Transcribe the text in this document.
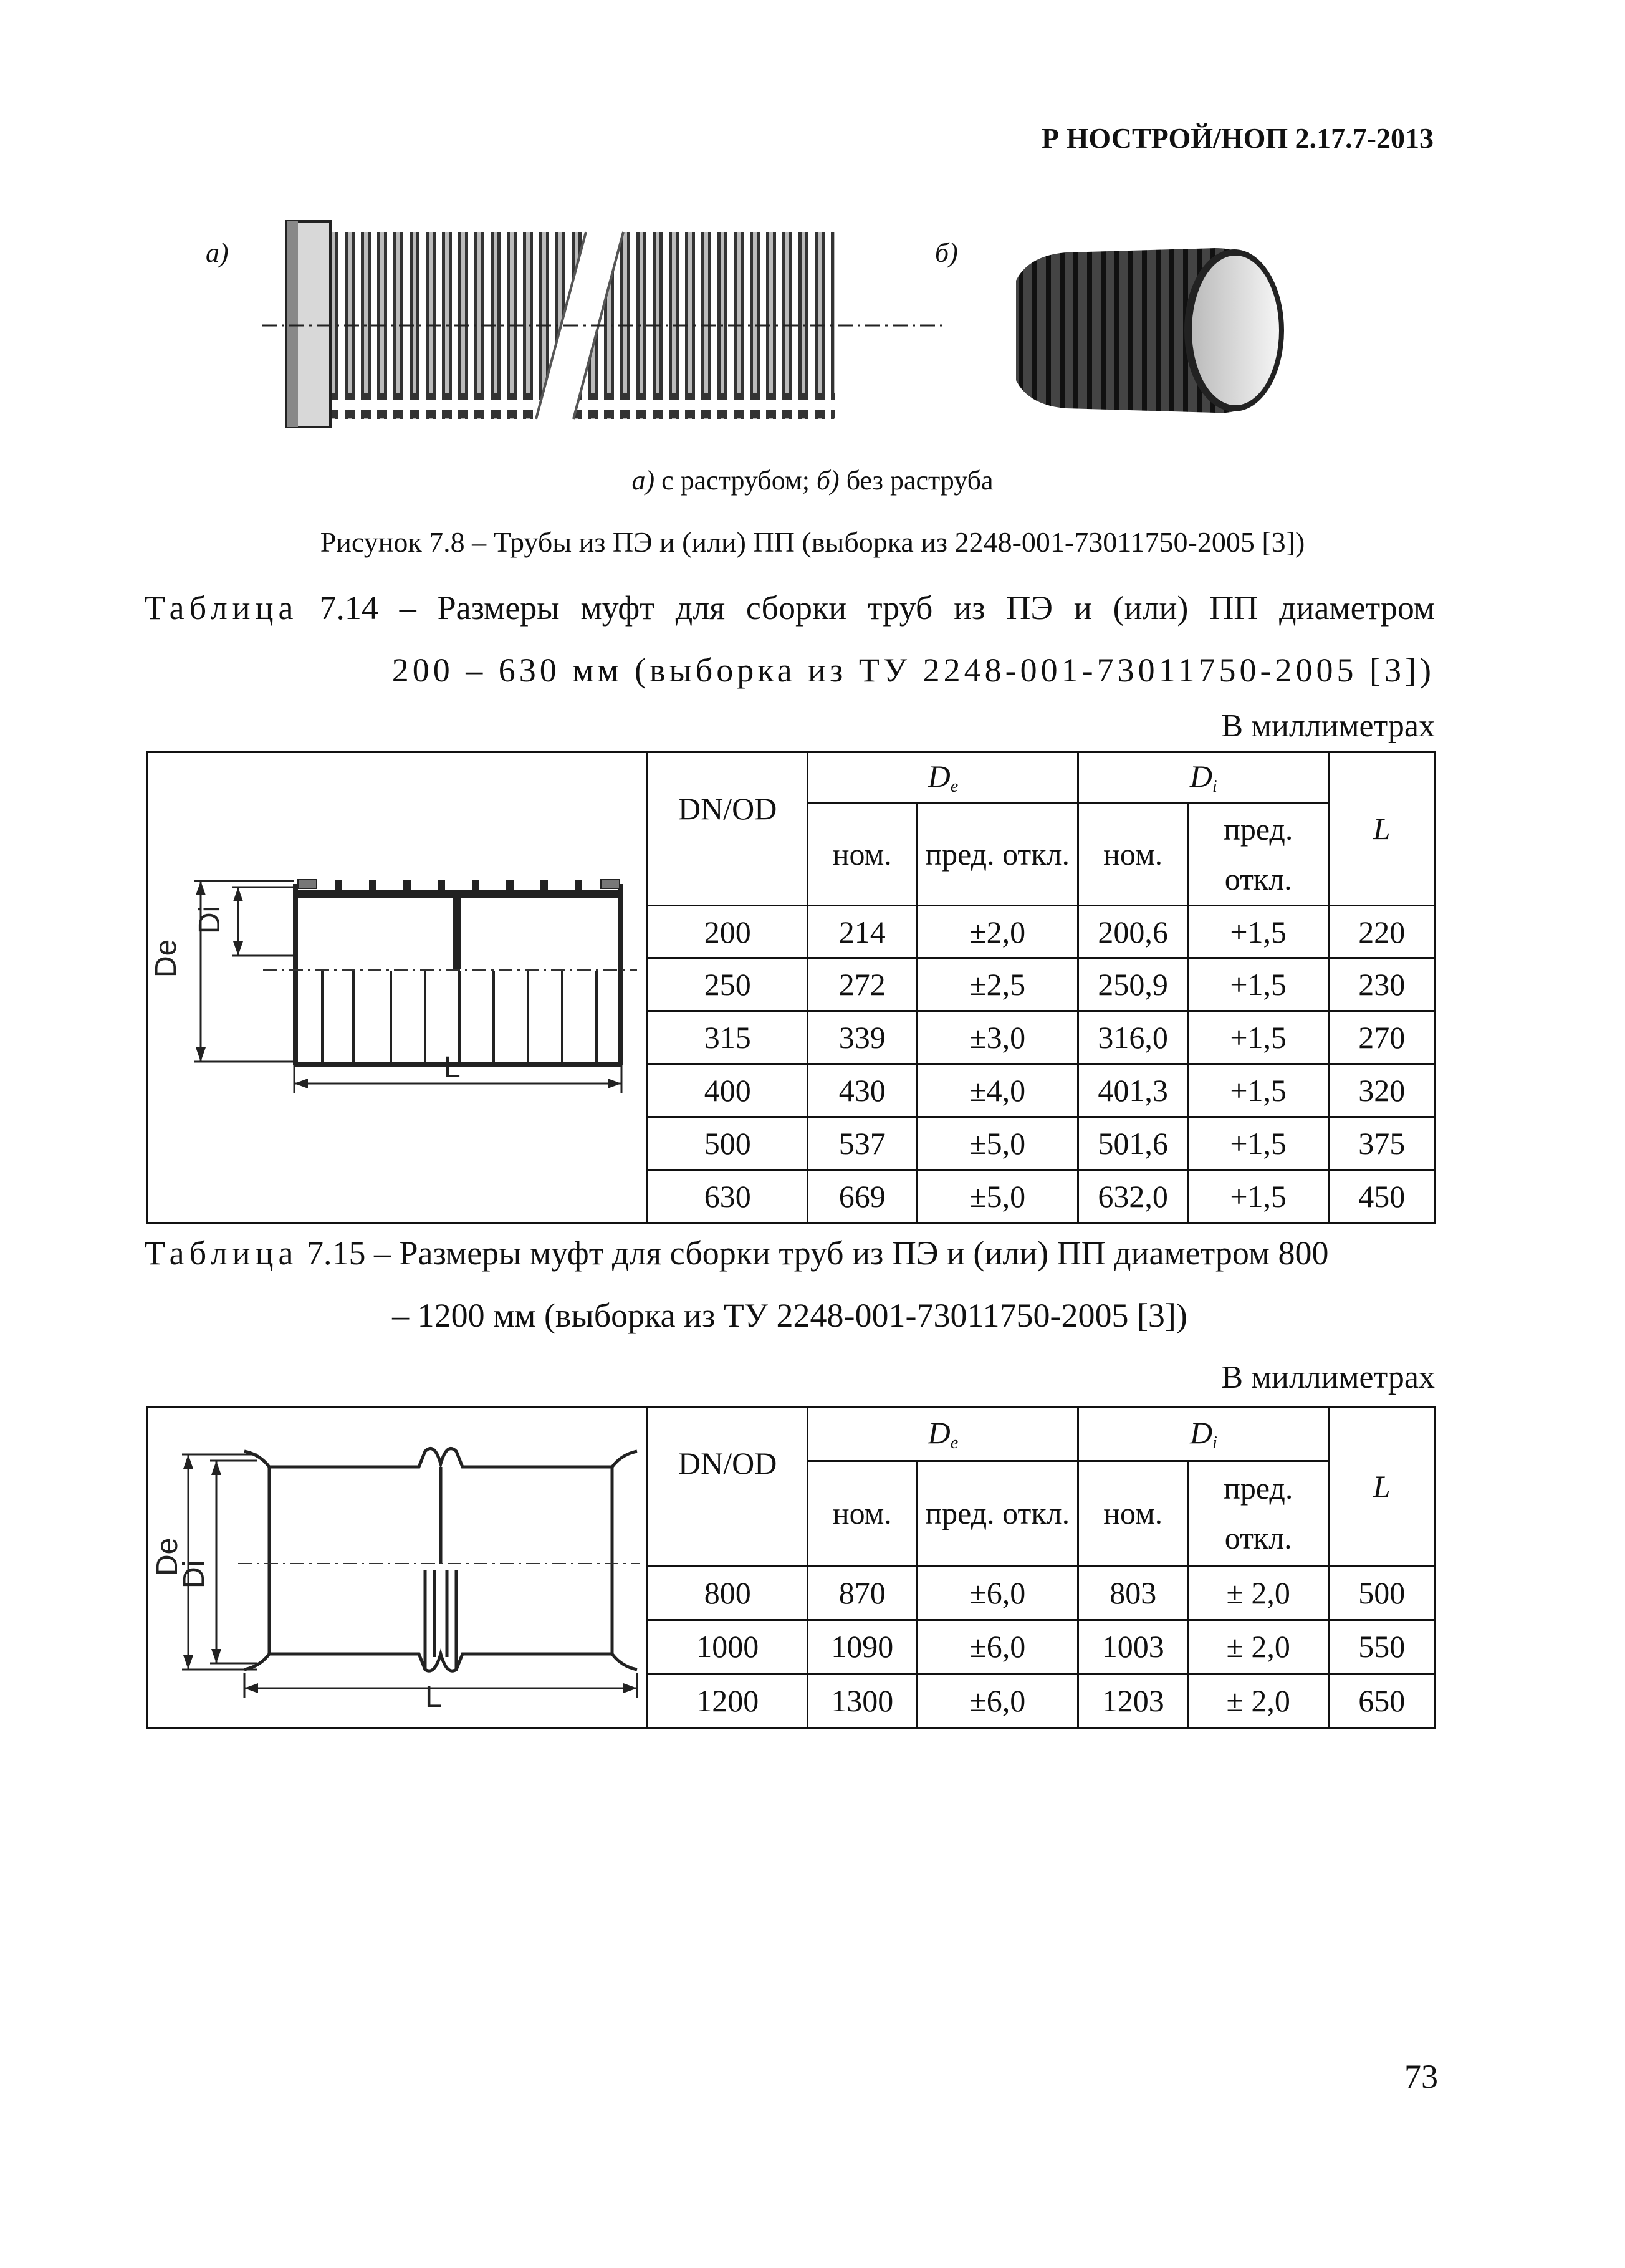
Р НОСТРОЙ/НОП 2.17.7-2013
а)	б)
а) с раструбом; б) без раструба
Рисунок 7.8 – Трубы из ПЭ и (или) ПП (выборка из 2248-001-73011750-2005 [3])
Таблица 7.14 – Размеры муфт для сборки труб из ПЭ и (или) ПП диаметром
200 – 630 мм (выборка из ТУ 2248-001-73011750-2005 [3])
В миллиметрах
De
Di
L	DN/OD	De		Di		L
		ном.	пред. откл.	ном.	пред. откл.	
	200	214	±2,0	200,6	+1,5	220
	250	272	±2,5	250,9	+1,5	230
	315	339	±3,0	316,0	+1,5	270
	400	430	±4,0	401,3	+1,5	320
	500	537	±5,0	501,6	+1,5	375
	630	669	±5,0	632,0	+1,5	450
Таблица 7.15 – Размеры муфт для сборки труб из ПЭ и (или) ПП диаметром 800
– 1200 мм (выборка из ТУ 2248-001-73011750-2005 [3])
В миллиметрах
De
Di
L	DN/OD	De		Di		L
		ном.	пред. откл.	ном.	пред. откл.	
	800	870	±6,0	803	± 2,0	500
	1000	1090	±6,0	1003	± 2,0	550
	1200	1300	±6,0	1203	± 2,0	650
73
